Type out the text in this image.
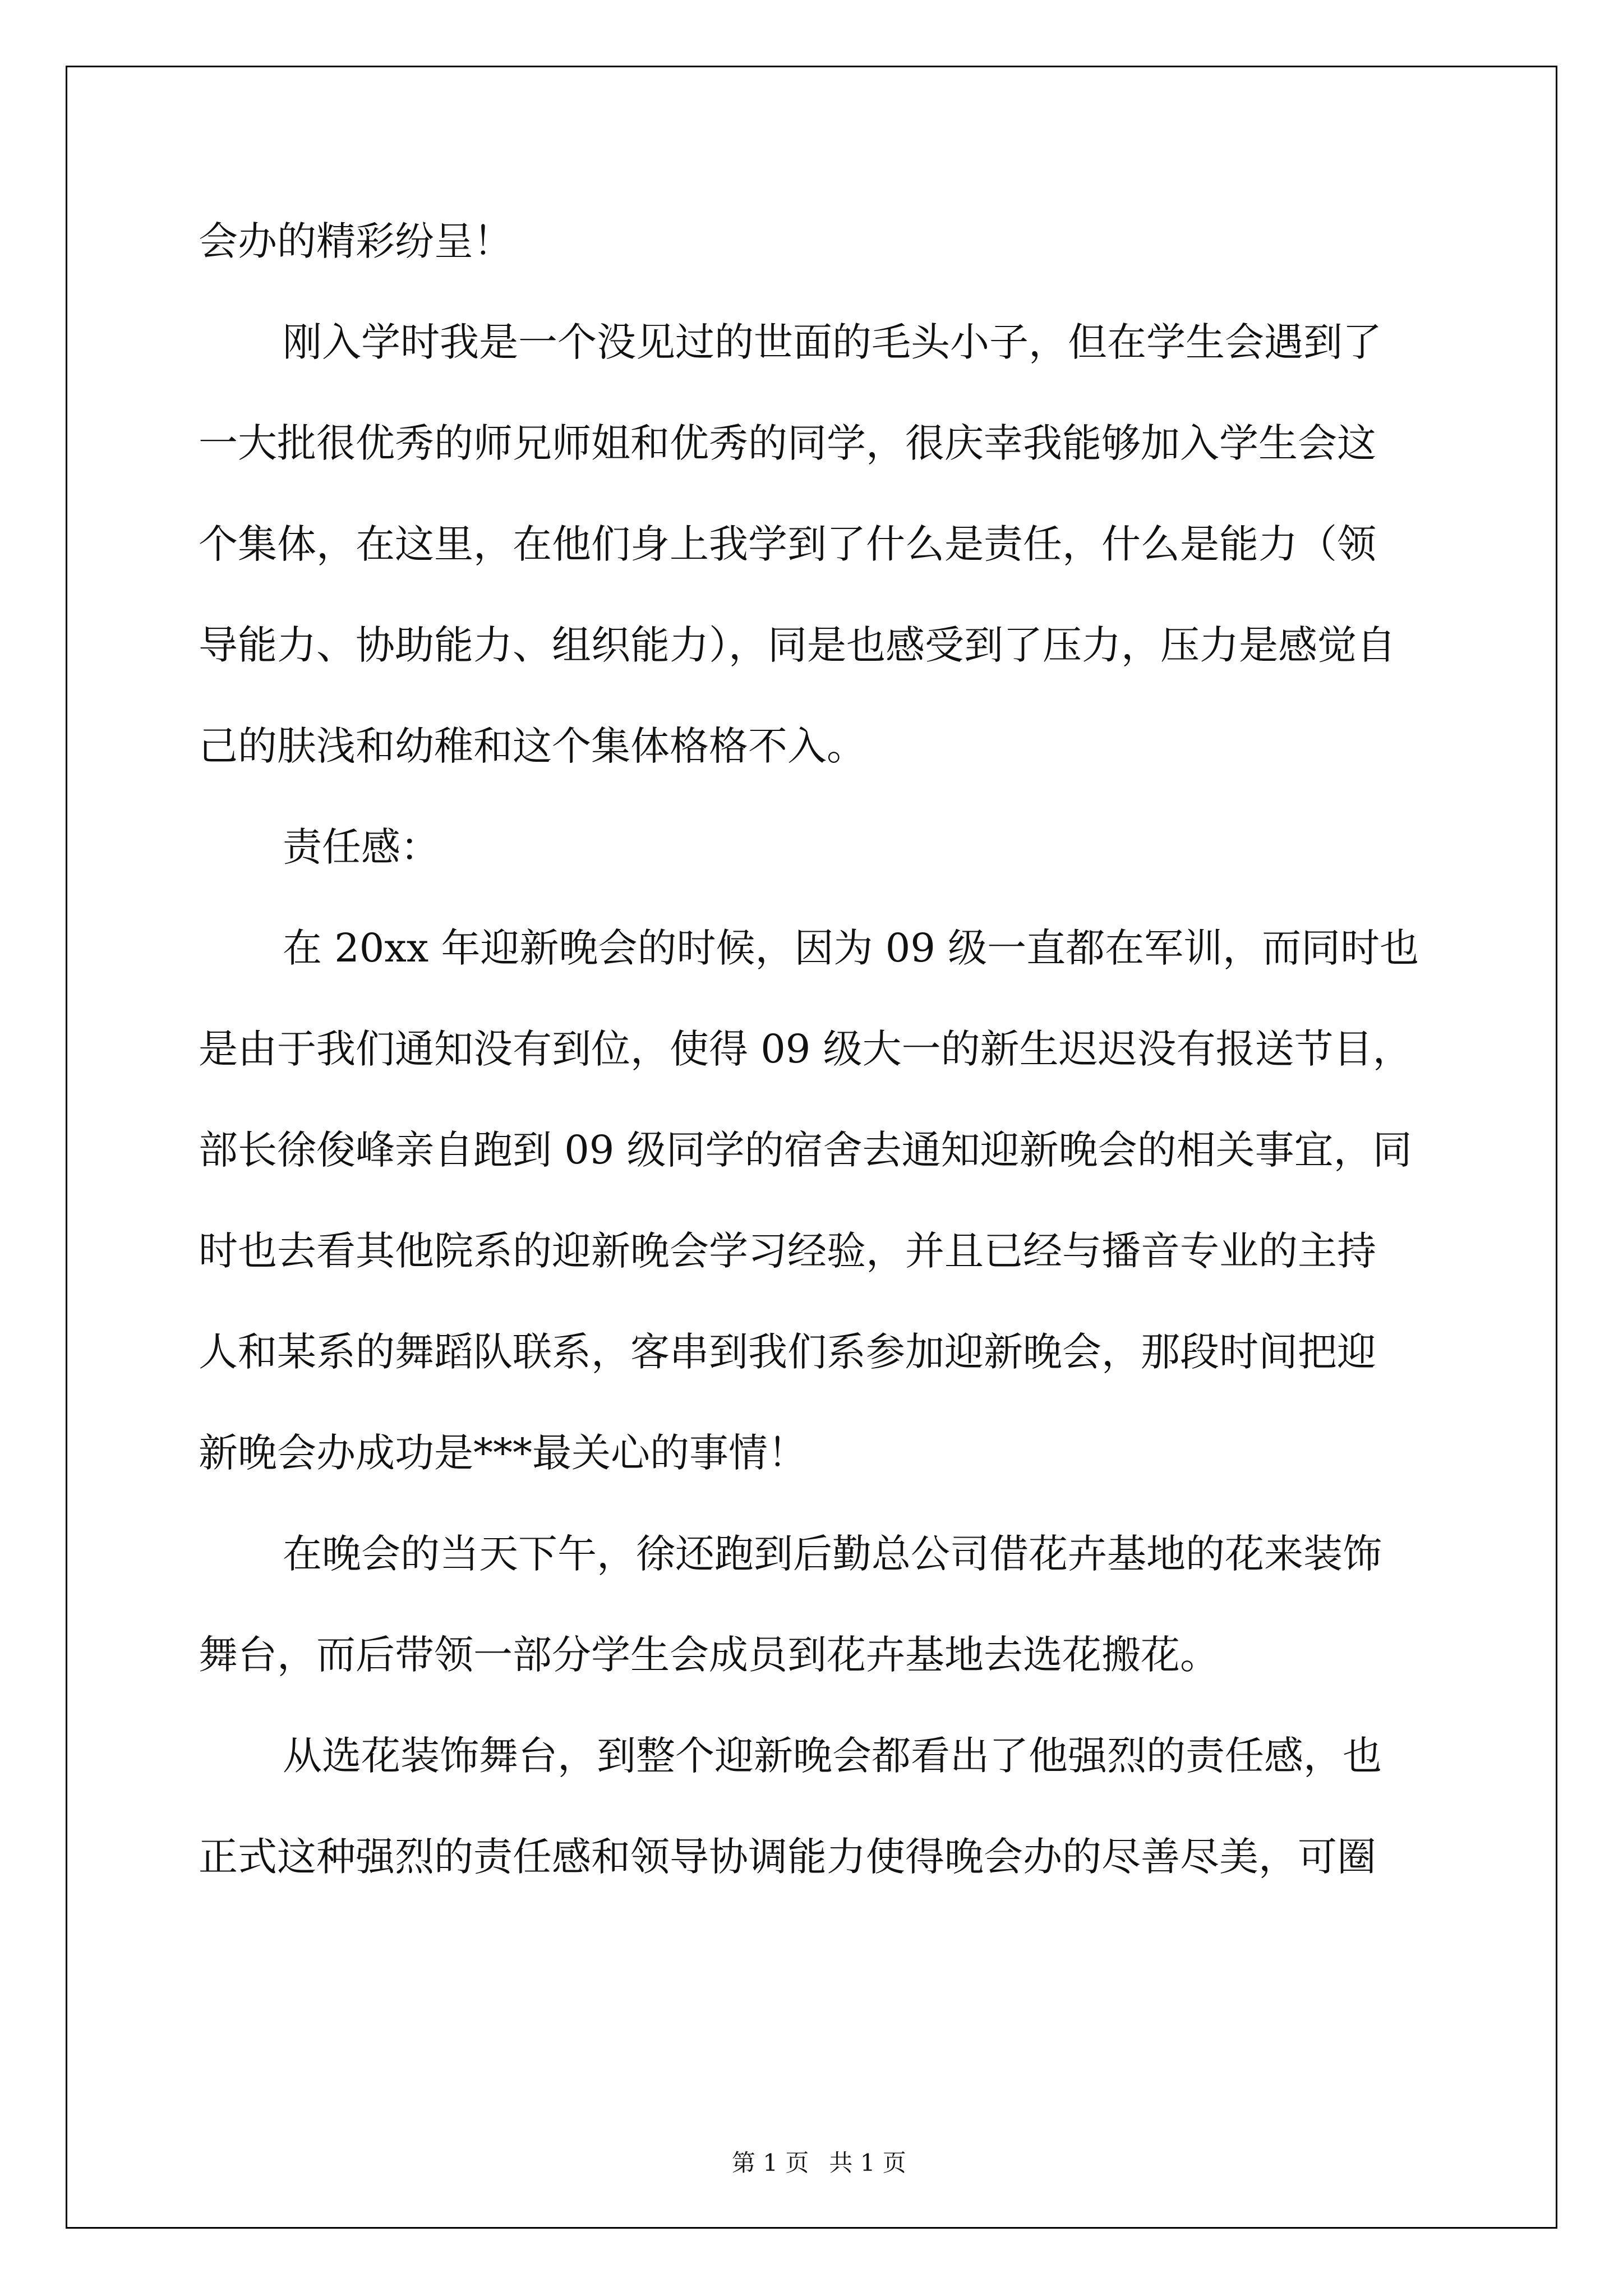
会办的精彩纷呈！
刚入学时我是一个没见过的世面的毛头小子，但在学生会遇到了
一大批很优秀的师兄师姐和优秀的同学，很庆幸我能够加入学生会这
个集体，在这里，在他们身上我学到了什么是责任，什么是能力（领
导能力、协助能力、组织能力），同是也感受到了压力，压力是感觉自
己的肤浅和幼稚和这个集体格格不入。
责任感：
在 20xx 年迎新晚会的时候，因为 09 级一直都在军训，而同时也
是由于我们通知没有到位，使得 09 级大一的新生迟迟没有报送节目，
部长徐俊峰亲自跑到 09 级同学的宿舍去通知迎新晚会的相关事宜，同
时也去看其他院系的迎新晚会学习经验，并且已经与播音专业的主持
人和某系的舞蹈队联系，客串到我们系参加迎新晚会，那段时间把迎
新晚会办成功是***最关心的事情！
在晚会的当天下午，徐还跑到后勤总公司借花卉基地的花来装饰
舞台，而后带领一部分学生会成员到花卉基地去选花搬花。
从选花装饰舞台，到整个迎新晚会都看出了他强烈的责任感，也
正式这种强烈的责任感和领导协调能力使得晚会办的尽善尽美，可圈

第 1 页 共 1 页
